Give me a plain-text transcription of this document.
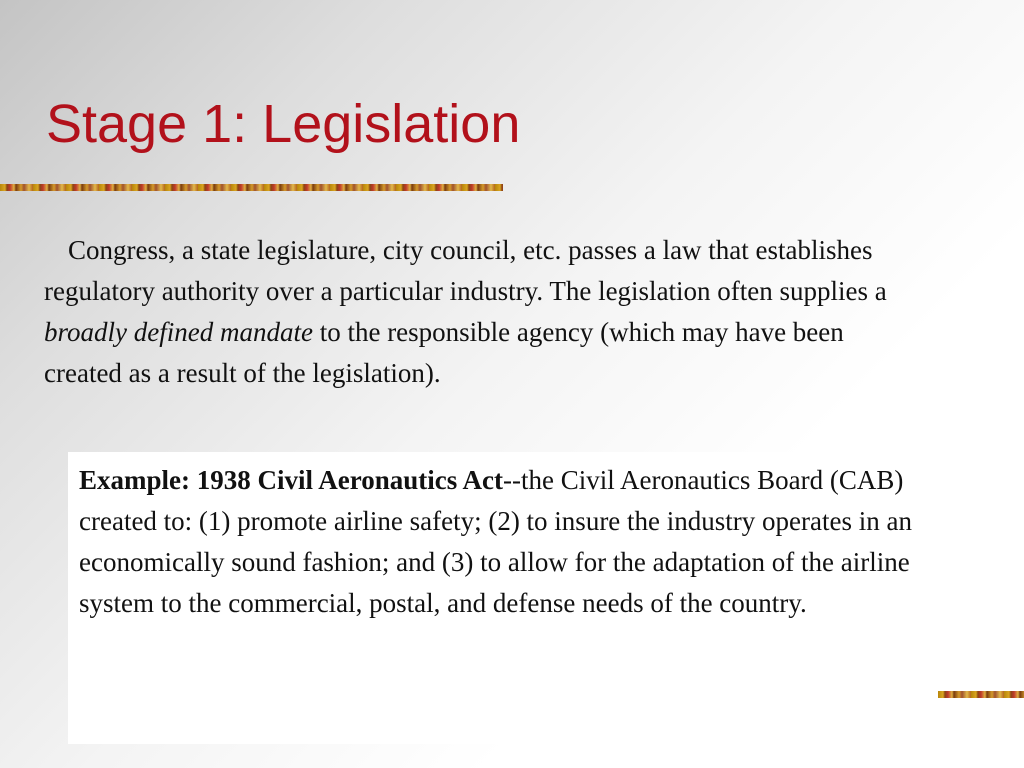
Stage 1: Legislation

Congress, a state legislature, city council, etc. passes a law that establishes regulatory authority over a particular industry. The legislation often supplies a broadly defined mandate to the responsible agency (which may have been created as a result of the legislation).

Example: 1938 Civil Aeronautics Act--the Civil Aeronautics Board (CAB) created to: (1) promote airline safety; (2) to insure the industry operates in an economically sound fashion; and (3) to allow for the adaptation of the airline system to the commercial, postal, and defense needs of the country.
